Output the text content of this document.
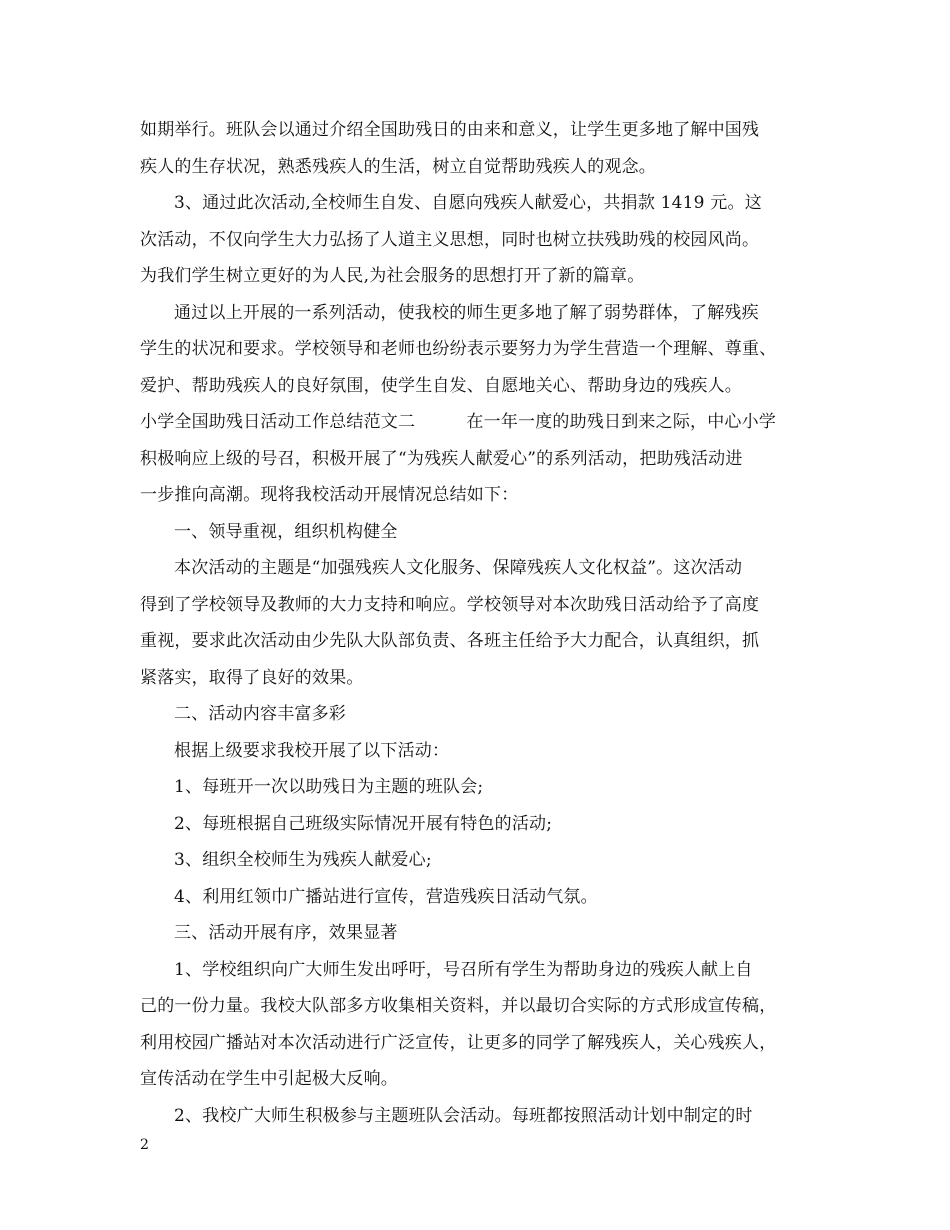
如期举行。班队会以通过介绍全国助残日的由来和意义，让学生更多地了解中国残
疾人的生存状况，熟悉残疾人的生活，树立自觉帮助残疾人的观念。
3、通过此次活动,全校师生自发、自愿向残疾人献爱心，共捐款 1419 元。这
次活动，不仅向学生大力弘扬了人道主义思想，同时也树立扶残助残的校园风尚。
为我们学生树立更好的为人民,为社会服务的思想打开了新的篇章。
通过以上开展的一系列活动，使我校的师生更多地了解了弱势群体，了解残疾
学生的状况和要求。学校领导和老师也纷纷表示要努力为学生营造一个理解、尊重、
爱护、帮助残疾人的良好氛围，使学生自发、自愿地关心、帮助身边的残疾人。
小学全国助残日活动工作总结范文二	在一年一度的助残日到来之际，中心小学
积极响应上级的号召，积极开展了“为残疾人献爱心”的系列活动，把助残活动进
一步推向高潮。现将我校活动开展情况总结如下：
一、领导重视，组织机构健全
本次活动的主题是“加强残疾人文化服务、保障残疾人文化权益”。这次活动
得到了学校领导及教师的大力支持和响应。学校领导对本次助残日活动给予了高度
重视，要求此次活动由少先队大队部负责、各班主任给予大力配合，认真组织，抓
紧落实，取得了良好的效果。
二、活动内容丰富多彩
根据上级要求我校开展了以下活动：
1、每班开一次以助残日为主题的班队会;
2、每班根据自己班级实际情况开展有特色的活动;
3、组织全校师生为残疾人献爱心;
4、利用红领巾广播站进行宣传，营造残疾日活动气氛。
三、活动开展有序，效果显著
1、学校组织向广大师生发出呼吁，号召所有学生为帮助身边的残疾人献上自
己的一份力量。我校大队部多方收集相关资料，并以最切合实际的方式形成宣传稿，
利用校园广播站对本次活动进行广泛宣传，让更多的同学了解残疾人，关心残疾人，
宣传活动在学生中引起极大反响。
2、我校广大师生积极参与主题班队会活动。每班都按照活动计划中制定的时
2
